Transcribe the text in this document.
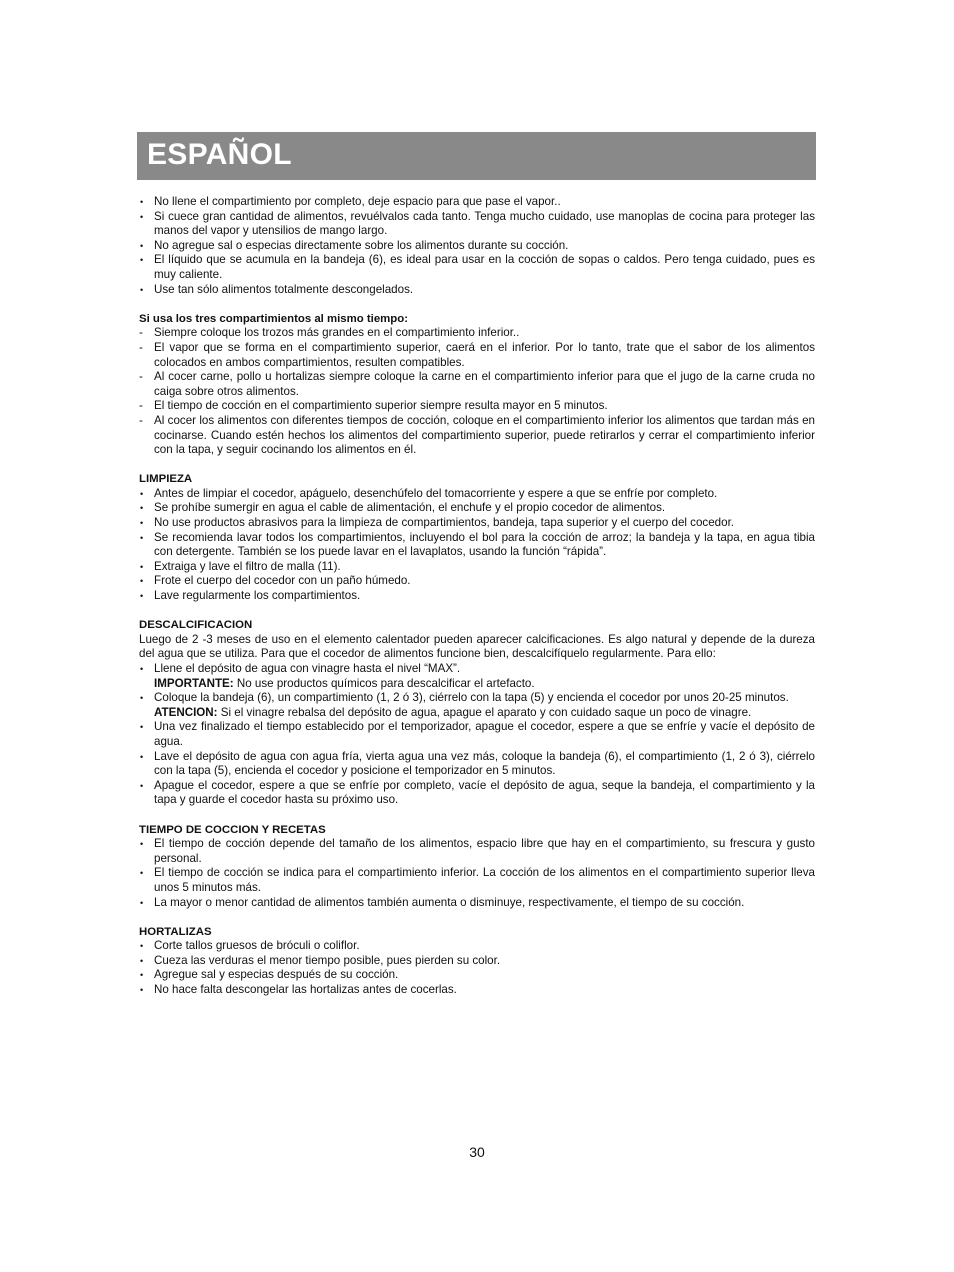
ESPAÑOL
• No llene el compartimiento por completo, deje espacio para que pase el vapor..
• Si cuece gran cantidad de alimentos, revuélvalos cada tanto. Tenga mucho cuidado, use manoplas de cocina para proteger las manos del vapor y utensilios de mango largo.
• No agregue sal o especias directamente sobre los alimentos durante su cocción.
• El líquido que se acumula en la bandeja (6), es ideal para usar en la cocción de sopas o caldos. Pero tenga cuidado, pues es muy caliente.
• Use tan sólo alimentos totalmente descongelados.
Si usa los tres compartimientos al mismo tiempo:
- Siempre coloque los trozos más grandes en el compartimiento inferior..
- El vapor que se forma en el compartimiento superior, caerá en el inferior. Por lo tanto, trate que el sabor de los alimentos colocados en ambos compartimientos, resulten compatibles.
- Al cocer carne, pollo u hortalizas siempre coloque la carne en el compartimiento inferior para que el jugo de la carne cruda no caiga sobre otros alimentos.
- El tiempo de cocción en el compartimiento superior siempre resulta mayor en 5 minutos.
- Al cocer los alimentos con diferentes tiempos de cocción, coloque en el compartimiento inferior los alimentos que tardan más en cocinarse. Cuando estén hechos los alimentos del compartimiento superior, puede retirarlos y cerrar el compartimiento inferior con la tapa, y seguir cocinando los alimentos en él.
LIMPIEZA
• Antes de limpiar el cocedor, apáguelo, desenchúfelo del tomacorriente y espere a que se enfríe por completo.
• Se prohíbe sumergir en agua el cable de alimentación, el enchufe y el propio cocedor de alimentos.
• No use productos abrasivos para la limpieza de compartimientos, bandeja, tapa superior y el cuerpo del cocedor.
• Se recomienda lavar todos los compartimientos, incluyendo el bol para la cocción de arroz; la bandeja y la tapa, en agua tibia con detergente. También se los puede lavar en el lavaplatos, usando la función “rápida”.
• Extraiga y lave el filtro de malla (11).
• Frote el cuerpo del cocedor con un paño húmedo.
• Lave regularmente los compartimientos.
DESCALCIFICACION

Luego de 2 -3 meses de uso en el elemento calentador pueden aparecer calcificaciones. Es algo natural y depende de la dureza del agua que se utiliza. Para que el cocedor de alimentos funcione bien, descalcifíquelo regularmente. Para ello:

• Llene el depósito de agua con vinagre hasta el nivel “MAX”.
IMPORTANTE: No use productos químicos para descalcificar el artefacto.
• Coloque la bandeja (6), un compartimiento (1, 2 ó 3), ciérrelo con la tapa (5) y encienda el cocedor por unos 20-25 minutos.
ATENCION: Si el vinagre rebalsa del depósito de agua, apague el aparato y con cuidado saque un poco de vinagre.
• Una vez finalizado el tiempo establecido por el temporizador, apague el cocedor, espere a que se enfríe y vacíe el depósito de agua.
• Lave el depósito de agua con agua fría, vierta agua una vez más, coloque la bandeja (6), el compartimiento (1, 2 ó 3), ciérrelo con la tapa (5), encienda el cocedor y posicione el temporizador en 5 minutos.
• Apague el cocedor, espere a que se enfríe por completo, vacíe el depósito de agua, seque la bandeja, el compartimiento y la tapa y guarde el cocedor hasta su próximo uso.
TIEMPO DE COCCION Y RECETAS
• El tiempo de cocción depende del tamaño de los alimentos, espacio libre que hay en el compartimiento, su frescura y gusto personal.
• El tiempo de cocción se indica para el compartimiento inferior. La cocción de los alimentos en el compartimiento superior lleva unos 5 minutos más.
• La mayor o menor cantidad de alimentos también aumenta o disminuye, respectivamente, el tiempo de su cocción.
HORTALIZAS
• Corte tallos gruesos de bróculi o coliflor.
• Cueza las verduras el menor tiempo posible, pues pierden su color.
• Agregue sal y especias después de su cocción.
• No hace falta descongelar las hortalizas antes de cocerlas.
30
